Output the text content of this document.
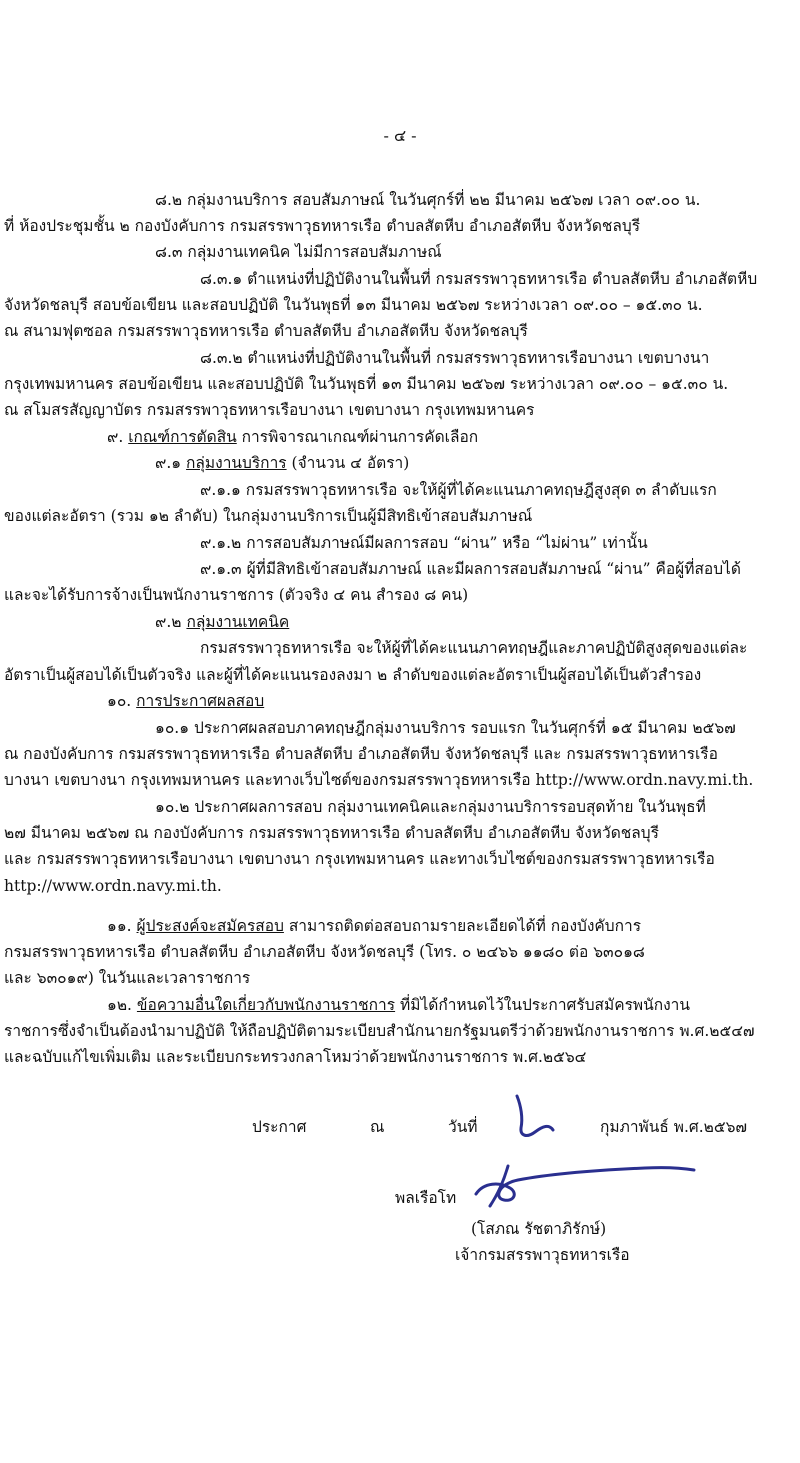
- ๔ -
๘.๒ กลุ่มงานบริการ สอบสัมภาษณ์ ในวันศุกร์ที่ ๒๒ มีนาคม ๒๕๖๗ เวลา ๐๙.๐๐ น.
ที่ ห้องประชุมชั้น ๒ กองบังคับการ กรมสรรพาวุธทหารเรือ ตำบลสัตหีบ อำเภอสัตหีบ จังหวัดชลบุรี
๘.๓ กลุ่มงานเทคนิค ไม่มีการสอบสัมภาษณ์
๘.๓.๑ ตำแหน่งที่ปฏิบัติงานในพื้นที่ กรมสรรพาวุธทหารเรือ ตำบลสัตหีบ อำเภอสัตหีบ
จังหวัดชลบุรี สอบข้อเขียน และสอบปฏิบัติ ในวันพุธที่ ๑๓ มีนาคม ๒๕๖๗ ระหว่างเวลา ๐๙.๐๐ – ๑๕.๓๐ น.
ณ สนามฟุตซอล กรมสรรพาวุธทหารเรือ ตำบลสัตหีบ อำเภอสัตหีบ จังหวัดชลบุรี
๘.๓.๒ ตำแหน่งที่ปฏิบัติงานในพื้นที่ กรมสรรพาวุธทหารเรือบางนา เขตบางนา
กรุงเทพมหานคร สอบข้อเขียน และสอบปฏิบัติ ในวันพุธที่ ๑๓ มีนาคม ๒๕๖๗ ระหว่างเวลา ๐๙.๐๐ – ๑๕.๓๐ น.
ณ สโมสรสัญญาบัตร กรมสรรพาวุธทหารเรือบางนา เขตบางนา กรุงเทพมหานคร
๙. เกณฑ์การตัดสิน การพิจารณาเกณฑ์ผ่านการคัดเลือก
๙.๑ กลุ่มงานบริการ (จำนวน ๔ อัตรา)
๙.๑.๑ กรมสรรพาวุธทหารเรือ จะให้ผู้ที่ได้คะแนนภาคทฤษฎีสูงสุด ๓ ลำดับแรก
ของแต่ละอัตรา (รวม ๑๒ ลำดับ) ในกลุ่มงานบริการเป็นผู้มีสิทธิเข้าสอบสัมภาษณ์
๙.๑.๒ การสอบสัมภาษณ์มีผลการสอบ “ผ่าน” หรือ “ไม่ผ่าน” เท่านั้น
๙.๑.๓ ผู้ที่มีสิทธิเข้าสอบสัมภาษณ์ และมีผลการสอบสัมภาษณ์ “ผ่าน” คือผู้ที่สอบได้
และจะได้รับการจ้างเป็นพนักงานราชการ (ตัวจริง ๔ คน สำรอง ๘ คน)
๙.๒ กลุ่มงานเทคนิค
กรมสรรพาวุธทหารเรือ จะให้ผู้ที่ได้คะแนนภาคทฤษฎีและภาคปฏิบัติสูงสุดของแต่ละ
อัตราเป็นผู้สอบได้เป็นตัวจริง และผู้ที่ได้คะแนนรองลงมา ๒ ลำดับของแต่ละอัตราเป็นผู้สอบได้เป็นตัวสำรอง
๑๐. การประกาศผลสอบ
๑๐.๑ ประกาศผลสอบภาคทฤษฎีกลุ่มงานบริการ รอบแรก ในวันศุกร์ที่ ๑๕ มีนาคม ๒๕๖๗
ณ กองบังคับการ กรมสรรพาวุธทหารเรือ ตำบลสัตหีบ อำเภอสัตหีบ จังหวัดชลบุรี และ กรมสรรพาวุธทหารเรือ
บางนา เขตบางนา กรุงเทพมหานคร และทางเว็บไซต์ของกรมสรรพาวุธทหารเรือ http://www.ordn.navy.mi.th.
๑๐.๒ ประกาศผลการสอบ กลุ่มงานเทคนิคและกลุ่มงานบริการรอบสุดท้าย ในวันพุธที่
๒๗ มีนาคม ๒๕๖๗ ณ กองบังคับการ กรมสรรพาวุธทหารเรือ ตำบลสัตหีบ อำเภอสัตหีบ จังหวัดชลบุรี
และ กรมสรรพาวุธทหารเรือบางนา เขตบางนา กรุงเทพมหานคร และทางเว็บไซต์ของกรมสรรพาวุธทหารเรือ
http://www.ordn.navy.mi.th.
๑๑. ผู้ประสงค์จะสมัครสอบ สามารถติดต่อสอบถามรายละเอียดได้ที่ กองบังคับการ
กรมสรรพาวุธทหารเรือ ตำบลสัตหีบ อำเภอสัตหีบ จังหวัดชลบุรี (โทร. ๐ ๒๔๖๖ ๑๑๘๐ ต่อ ๖๓๐๑๘
และ ๖๓๐๑๙) ในวันและเวลาราชการ
๑๒. ข้อความอื่นใดเกี่ยวกับพนักงานราชการ ที่มิได้กำหนดไว้ในประกาศรับสมัครพนักงาน
ราชการซึ่งจำเป็นต้องนำมาปฏิบัติ ให้ถือปฏิบัติตามระเบียบสำนักนายกรัฐมนตรีว่าด้วยพนักงานราชการ พ.ศ.๒๕๔๗
และฉบับแก้ไขเพิ่มเติม และระเบียบกระทรวงกลาโหมว่าด้วยพนักงานราชการ พ.ศ.๒๕๖๔
ประกาศ	ณ	วันที่	กุมภาพันธ์ พ.ศ.๒๕๖๗
พลเรือโท
(โสภณ รัชตาภิรักษ์)
เจ้ากรมสรรพาวุธทหารเรือ
